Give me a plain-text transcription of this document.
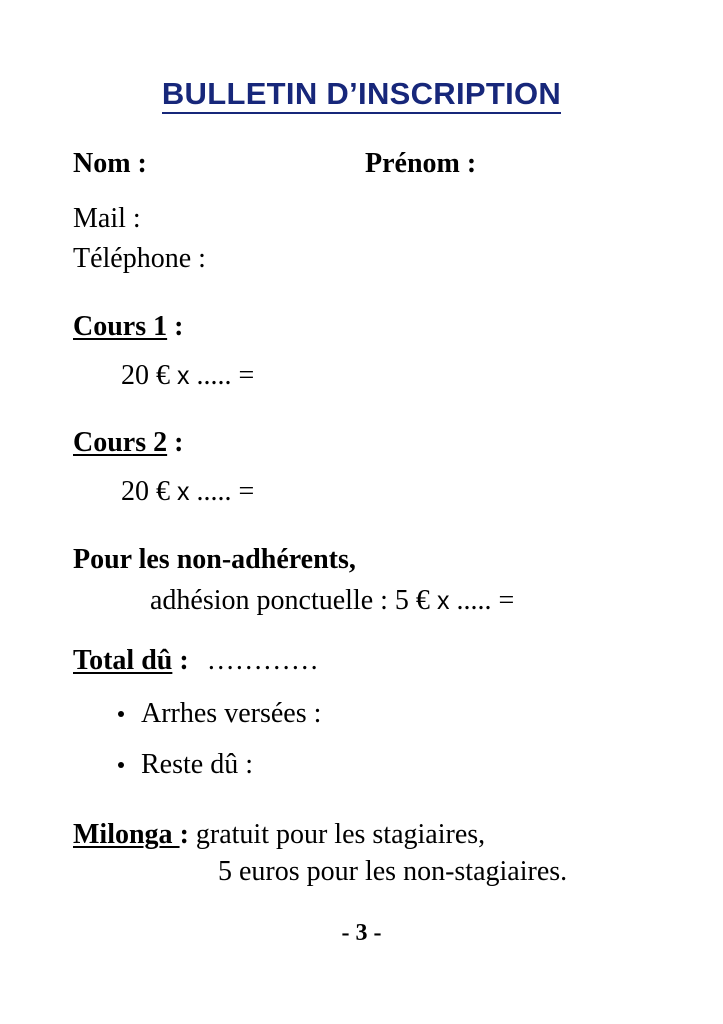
BULLETIN D’INSCRIPTION
Nom :	Prénom :
Mail :
Téléphone :
Cours 1 :
20 € x ..... =
Cours 2 :
20 € x ..... =
Pour les non-adhérents,
adhésion ponctuelle : 5 € x ..... =
Total dû : …………
Arrhes versées :
Reste dû :
Milonga : gratuit pour les stagiaires,
5 euros pour les non-stagiaires.
- 3 -
